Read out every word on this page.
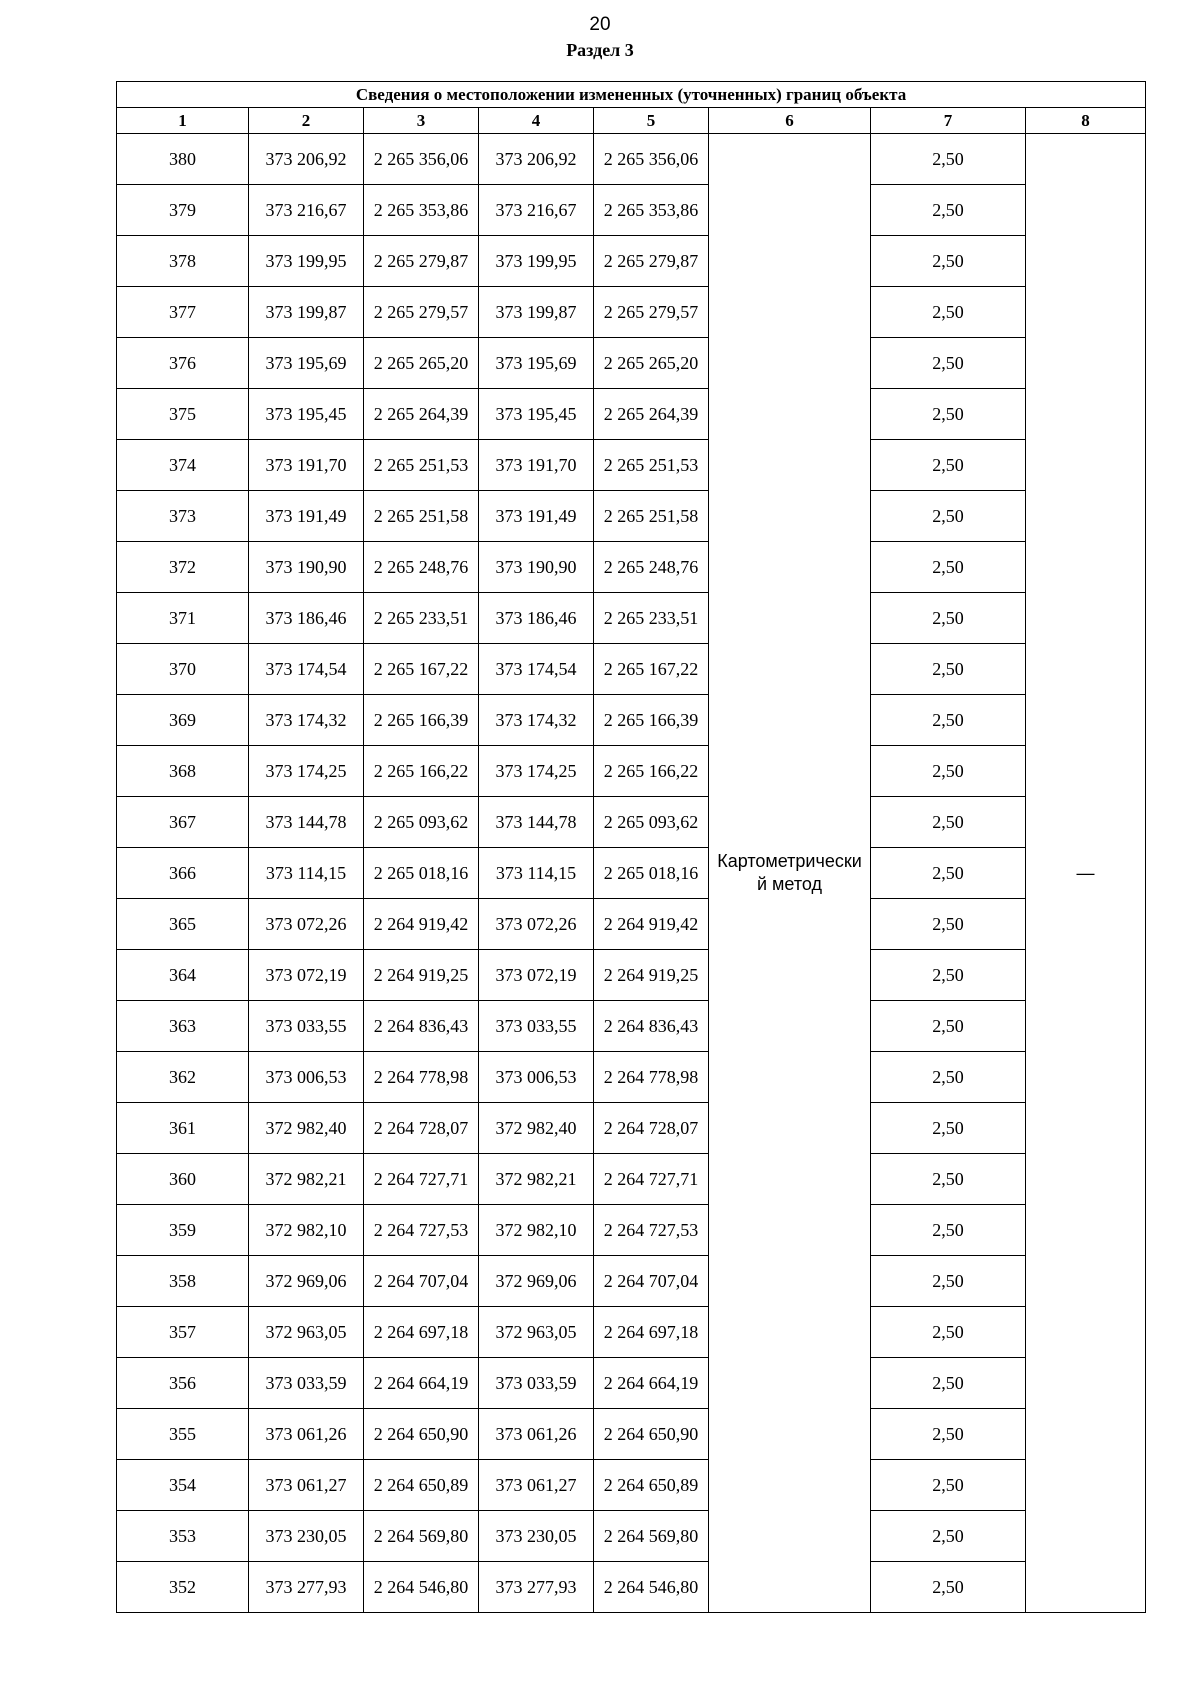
20
Раздел 3
Сведения о местоположении измененных (уточненных) границ объекта							
1	2	3	4	5	6	7	8
380	373 206,92	2 265 356,06	373 206,92	2 265 356,06	Картометрический метод	2,50	—
379	373 216,67	2 265 353,86	373 216,67	2 265 353,86		2,50	
378	373 199,95	2 265 279,87	373 199,95	2 265 279,87		2,50	
377	373 199,87	2 265 279,57	373 199,87	2 265 279,57		2,50	
376	373 195,69	2 265 265,20	373 195,69	2 265 265,20		2,50	
375	373 195,45	2 265 264,39	373 195,45	2 265 264,39		2,50	
374	373 191,70	2 265 251,53	373 191,70	2 265 251,53		2,50	
373	373 191,49	2 265 251,58	373 191,49	2 265 251,58		2,50	
372	373 190,90	2 265 248,76	373 190,90	2 265 248,76		2,50	
371	373 186,46	2 265 233,51	373 186,46	2 265 233,51		2,50	
370	373 174,54	2 265 167,22	373 174,54	2 265 167,22		2,50	
369	373 174,32	2 265 166,39	373 174,32	2 265 166,39		2,50	
368	373 174,25	2 265 166,22	373 174,25	2 265 166,22		2,50	
367	373 144,78	2 265 093,62	373 144,78	2 265 093,62		2,50	
366	373 114,15	2 265 018,16	373 114,15	2 265 018,16		2,50	
365	373 072,26	2 264 919,42	373 072,26	2 264 919,42		2,50	
364	373 072,19	2 264 919,25	373 072,19	2 264 919,25		2,50	
363	373 033,55	2 264 836,43	373 033,55	2 264 836,43		2,50	
362	373 006,53	2 264 778,98	373 006,53	2 264 778,98		2,50	
361	372 982,40	2 264 728,07	372 982,40	2 264 728,07		2,50	
360	372 982,21	2 264 727,71	372 982,21	2 264 727,71		2,50	
359	372 982,10	2 264 727,53	372 982,10	2 264 727,53		2,50	
358	372 969,06	2 264 707,04	372 969,06	2 264 707,04		2,50	
357	372 963,05	2 264 697,18	372 963,05	2 264 697,18		2,50	
356	373 033,59	2 264 664,19	373 033,59	2 264 664,19		2,50	
355	373 061,26	2 264 650,90	373 061,26	2 264 650,90		2,50	
354	373 061,27	2 264 650,89	373 061,27	2 264 650,89		2,50	
353	373 230,05	2 264 569,80	373 230,05	2 264 569,80		2,50	
352	373 277,93	2 264 546,80	373 277,93	2 264 546,80		2,50	
